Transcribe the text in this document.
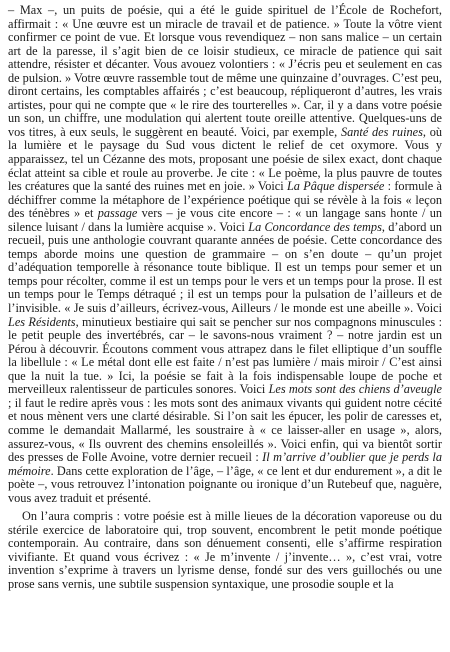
– Max –, un puits de poésie, qui a été le guide spirituel de l’École de Rochefort, affirmait : « Une œuvre est un miracle de travail et de patience. » Toute la vôtre vient confirmer ce point de vue. Et lorsque vous revendiquez – non sans malice – un certain art de la paresse, il s’agit bien de ce loisir studieux, ce miracle de patience qui sait attendre, résister et décanter. Vous avouez volontiers : « J’écris peu et seulement en cas de pulsion. » Votre œuvre rassemble tout de même une quinzaine d’ouvrages. C’est peu, diront certains, les comptables affairés ; c’est beaucoup, répliqueront d’autres, les vrais artistes, pour qui ne compte que « le rire des tourterelles ». Car, il y a dans votre poésie un son, un chiffre, une modulation qui alertent toute oreille attentive. Quelques-uns de vos titres, à eux seuls, le suggèrent en beauté. Voici, par exemple, Santé des ruines, où la lumière et le paysage du Sud vous dictent le relief de cet oxymore. Vous y apparaissez, tel un Cézanne des mots, proposant une poésie de silex exact, dont chaque éclat atteint sa cible et roule au proverbe. Je cite : « Le poème, la plus pauvre de toutes les créatures que la santé des ruines met en joie. » Voici La Pâque dispersée : formule à déchiffrer comme la métaphore de l’expérience poétique qui se révèle à la fois « leçon des ténèbres » et passage vers – je vous cite encore – : « un langage sans honte / un silence luisant / dans la lumière acquise ». Voici La Concordance des temps, d’abord un recueil, puis une anthologie couvrant quarante années de poésie. Cette concordance des temps aborde moins une question de grammaire – on s’en doute – qu’un projet d’adéquation temporelle à résonance toute biblique. Il est un temps pour semer et un temps pour récolter, comme il est un temps pour le vers et un temps pour la prose. Il est un temps pour le Temps détraqué ; il est un temps pour la pulsation de l’ailleurs et de l’invisible. « Je suis d’ailleurs, écrivez-vous, Ailleurs / le monde est une abeille ». Voici Les Résidents, minutieux bestiaire qui sait se pencher sur nos compagnons minuscules : le petit peuple des invertébrés, car – le savons-nous vraiment ? – notre jardin est un Pérou à découvrir. Écoutons comment vous attrapez dans le filet elliptique d’un souffle la libellule : « Le métal dont elle est faite / n’est pas lumière / mais miroir / C’est ainsi que la nuit la tue. » Ici, la poésie se fait à la fois indispensable loupe de poche et merveilleux ralentisseur de particules sonores. Voici Les mots sont des chiens d’aveugle ; il faut le redire après vous : les mots sont des animaux vivants qui guident notre cécité et nous mènent vers une clarté désirable. Si l’on sait les épucer, les polir de caresses et, comme le demandait Mallarmé, les soustraire à « ce laisser-aller en usage », alors, assurez-vous, « Ils ouvrent des chemins ensoleillés ». Voici enfin, qui va bientôt sortir des presses de Folle Avoine, votre dernier recueil : Il m’arrive d’oublier que je perds la mémoire. Dans cette exploration de l’âge, – l’âge, « ce lent et dur endurement », a dit le poète –, vous retrouvez l’intonation poignante ou ironique d’un Rutebeuf que, naguère, vous avez traduit et présenté.

On l’aura compris : votre poésie est à mille lieues de la décoration vaporeuse ou du stérile exercice de laboratoire qui, trop souvent, encombrent le petit monde poétique contemporain. Au contraire, dans son dénuement consenti, elle s’affirme respiration vivifiante. Et quand vous écrivez : « Je m’invente / j’invente… », c’est vrai, votre invention s’exprime à travers un lyrisme dense, fondé sur des vers guillochés ou une prose sans vernis, une subtile suspension syntaxique, une prosodie souple et la
